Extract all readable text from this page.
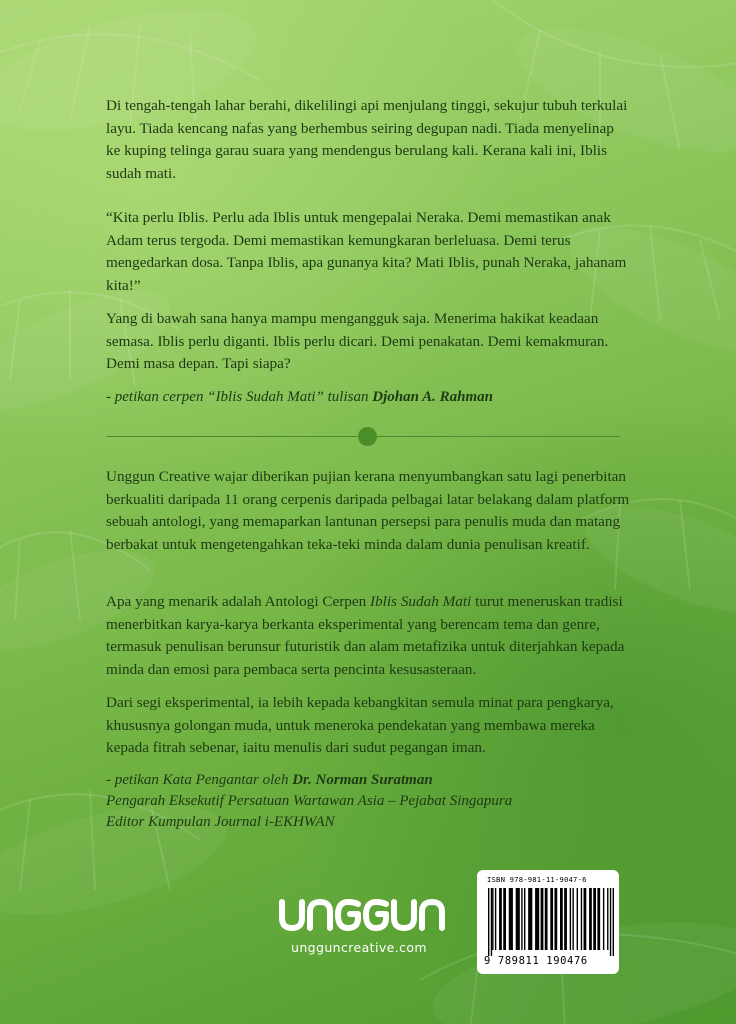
Di tengah-tengah lahar berahi, dikelilingi api menjulang tinggi, sekujur tubuh terkulai layu. Tiada kencang nafas yang berhembus seiring degupan nadi. Tiada menyelinap ke kuping telinga garau suara yang mendengus berulang kali. Kerana kali ini, Iblis sudah mati.

“Kita perlu Iblis. Perlu ada Iblis untuk mengepalai Neraka. Demi memastikan anak Adam terus tergoda. Demi memastikan kemungkaran berleluasa. Demi terus mengedarkan dosa. Tanpa Iblis, apa gunanya kita? Mati Iblis, punah Neraka, jahanam kita!”

Yang di bawah sana hanya mampu mengangguk saja. Menerima hakikat keadaan semasa. Iblis perlu diganti. Iblis perlu dicari. Demi penakatan. Demi kemakmuran. Demi masa depan. Tapi siapa?

- petikan cerpen “Iblis Sudah Mati” tulisan Djohan A. Rahman

Unggun Creative wajar diberikan pujian kerana menyumbangkan satu lagi penerbitan berkualiti daripada 11 orang cerpenis daripada pelbagai latar belakang dalam platform sebuah antologi, yang memaparkan lantunan persepsi para penulis muda dan matang berbakat untuk mengetengahkan teka-teki minda dalam dunia penulisan kreatif.

Apa yang menarik adalah Antologi Cerpen Iblis Sudah Mati turut meneruskan tradisi menerbitkan karya-karya berkanta eksperimental yang berencam tema dan genre, termasuk penulisan berunsur futuristik dan alam metafizika untuk diterjahkan kepada minda dan emosi para pembaca serta pencinta kesusasteraan.

Dari segi eksperimental, ia lebih kepada kebangkitan semula minat para pengkarya, khususnya golongan muda, untuk meneroka pendekatan yang membawa mereka kepada fitrah sebenar, iaitu menulis dari sudut pegangan iman.

- petikan Kata Pengantar oleh Dr. Norman Suratman
Pengarah Eksekutif Persatuan Wartawan Asia – Pejabat Singapura
Editor Kumpulan Journal i-EKHWAN
ungguncreative.com
ISBN 978-981-11-9047-6
9 789811 190476
